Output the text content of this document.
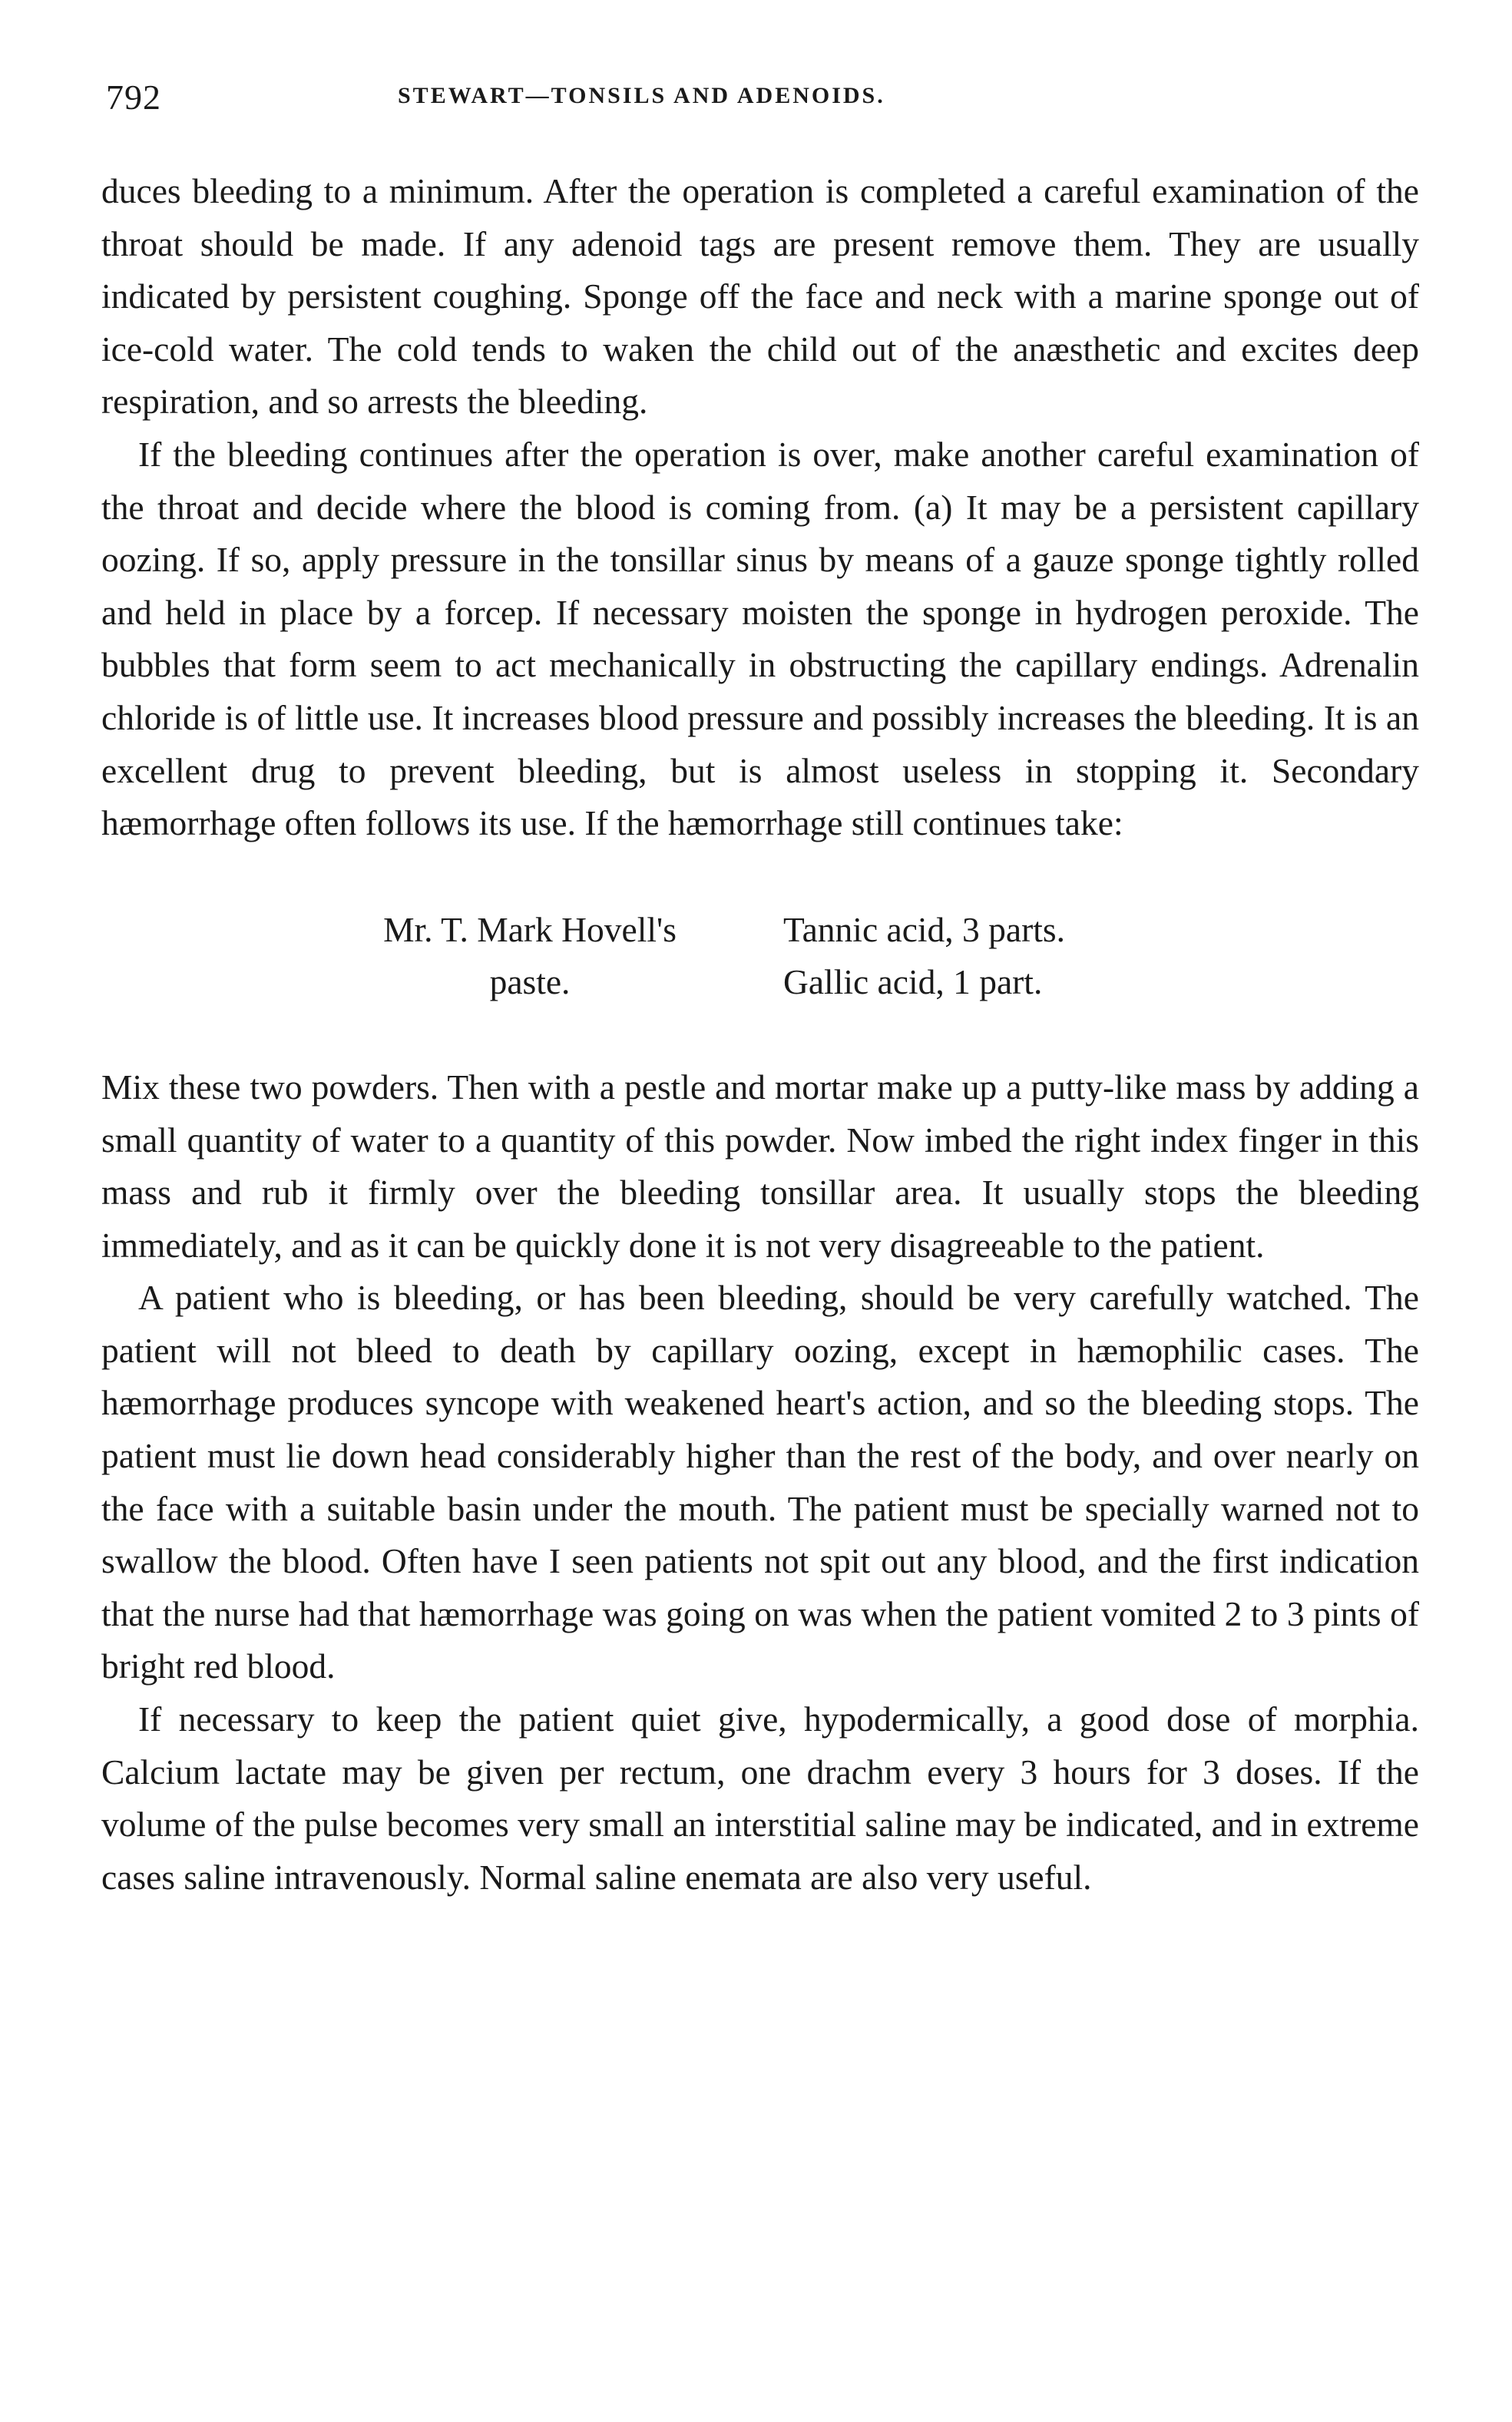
792	STEWART—TONSILS AND ADENOIDS.

duces bleeding to a minimum. After the operation is completed a careful examination of the throat should be made. If any adenoid tags are present remove them. They are usually indicated by persistent coughing. Sponge off the face and neck with a marine sponge out of ice-cold water. The cold tends to waken the child out of the anæsthetic and excites deep respiration, and so arrests the bleeding.

If the bleeding continues after the operation is over, make another careful examination of the throat and decide where the blood is coming from. (a) It may be a persistent capillary oozing. If so, apply pressure in the tonsillar sinus by means of a gauze sponge tightly rolled and held in place by a forcep. If necessary moisten the sponge in hydrogen peroxide. The bubbles that form seem to act mechanically in obstructing the capillary endings. Adrenalin chloride is of little use. It increases blood pressure and possibly increases the bleeding. It is an excellent drug to prevent bleeding, but is almost useless in stopping it. Secondary hæmorrhage often follows its use. If the hæmorrhage still continues take:

Mr. T. Mark Hovell's
paste.
Tannic acid, 3 parts.
Gallic acid, 1 part.

Mix these two powders. Then with a pestle and mortar make up a putty-like mass by adding a small quantity of water to a quantity of this powder. Now imbed the right index finger in this mass and rub it firmly over the bleeding tonsillar area. It usually stops the bleeding immediately, and as it can be quickly done it is not very disagreeable to the patient.

A patient who is bleeding, or has been bleeding, should be very carefully watched. The patient will not bleed to death by capillary oozing, except in hæmophilic cases. The hæmorrhage produces syncope with weakened heart's action, and so the bleeding stops. The patient must lie down head considerably higher than the rest of the body, and over nearly on the face with a suitable basin under the mouth. The patient must be specially warned not to swallow the blood. Often have I seen patients not spit out any blood, and the first indication that the nurse had that hæmorrhage was going on was when the patient vomited 2 to 3 pints of bright red blood.

If necessary to keep the patient quiet give, hypodermically, a good dose of morphia. Calcium lactate may be given per rectum, one drachm every 3 hours for 3 doses. If the volume of the pulse becomes very small an interstitial saline may be indicated, and in extreme cases saline intravenously. Normal saline enemata are also very useful.
